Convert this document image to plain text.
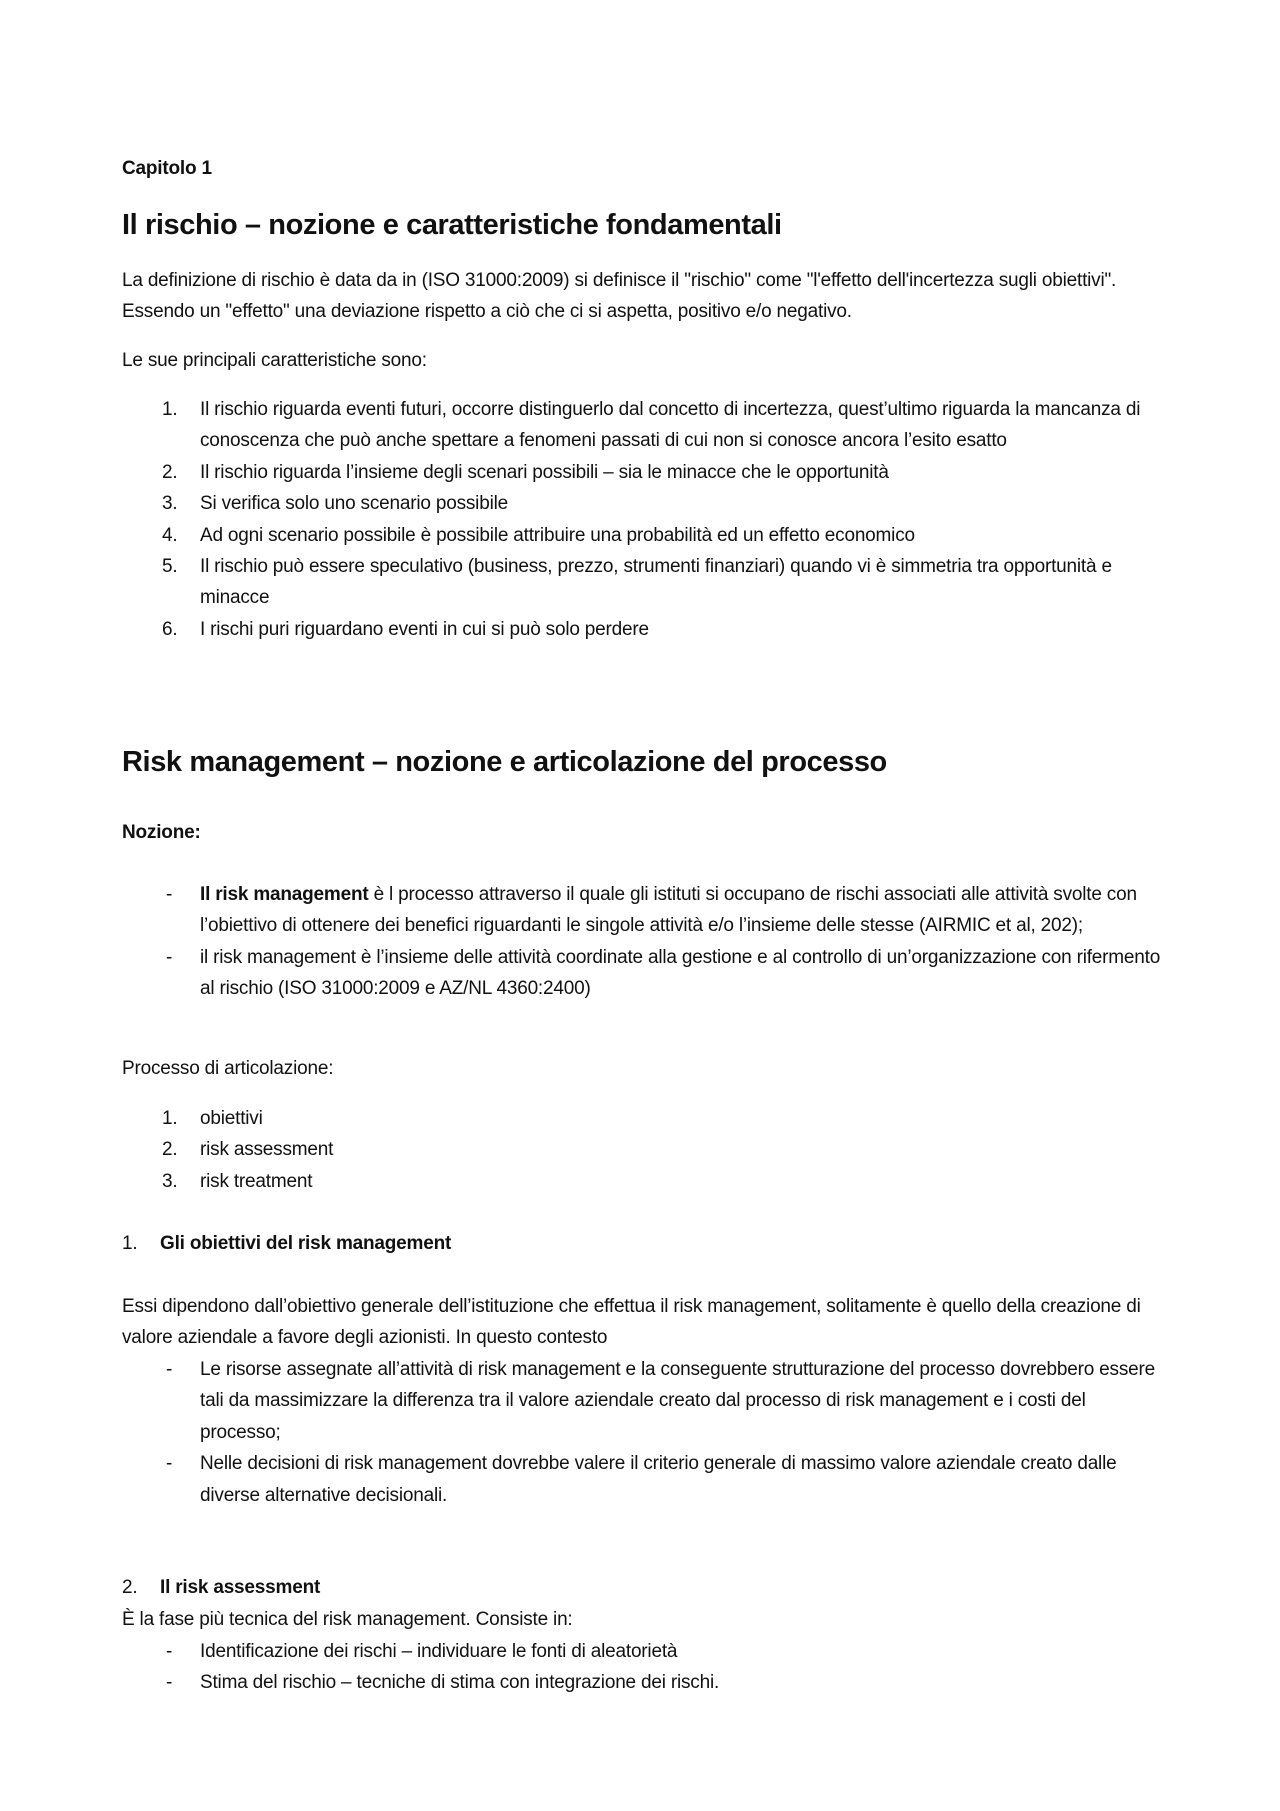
Capitolo 1
Il rischio – nozione e caratteristiche fondamentali
La definizione di rischio è data da in (ISO 31000:2009) si definisce il "rischio" come "l'effetto dell'incertezza sugli obiettivi". Essendo un "effetto" una deviazione rispetto a ciò che ci si aspetta, positivo e/o negativo.
Le sue principali caratteristiche sono:
1. Il rischio riguarda eventi futuri, occorre distinguerlo dal concetto di incertezza, quest’ultimo riguarda la mancanza di conoscenza che può anche spettare a fenomeni passati di cui non si conosce ancora l’esito esatto
2. Il rischio riguarda l’insieme degli scenari possibili – sia le minacce che le opportunità
3. Si verifica solo uno scenario possibile
4. Ad ogni scenario possibile è possibile attribuire una probabilità ed un effetto economico
5. Il rischio può essere speculativo (business, prezzo, strumenti finanziari) quando vi è simmetria tra opportunità e minacce
6. I rischi puri riguardano eventi in cui si può solo perdere
Risk management – nozione e articolazione del processo
Nozione:
- Il risk management è l processo attraverso il quale gli istituti si occupano de rischi associati alle attività svolte con l’obiettivo di ottenere dei benefici riguardanti le singole attività e/o l’insieme delle stesse (AIRMIC et al, 202);
- il risk management è l’insieme delle attività coordinate alla gestione e al controllo di un’organizzazione con rifermento al rischio (ISO 31000:2009 e AZ/NL 4360:2400)
Processo di articolazione:
1. obiettivi
2. risk assessment
3. risk treatment
1. Gli obiettivi del risk management
Essi dipendono dall’obiettivo generale dell’istituzione che effettua il risk management, solitamente è quello della creazione di valore aziendale a favore degli azionisti. In questo contesto
- Le risorse assegnate all’attività di risk management e la conseguente strutturazione del processo dovrebbero essere tali da massimizzare la differenza tra il valore aziendale creato dal processo di risk management e i costi del processo;
- Nelle decisioni di risk management dovrebbe valere il criterio generale di massimo valore aziendale creato dalle diverse alternative decisionali.
2. Il risk assessment
È la fase più tecnica del risk management. Consiste in:
- Identificazione dei rischi – individuare le fonti di aleatorietà
- Stima del rischio – tecniche di stima con integrazione dei rischi.
